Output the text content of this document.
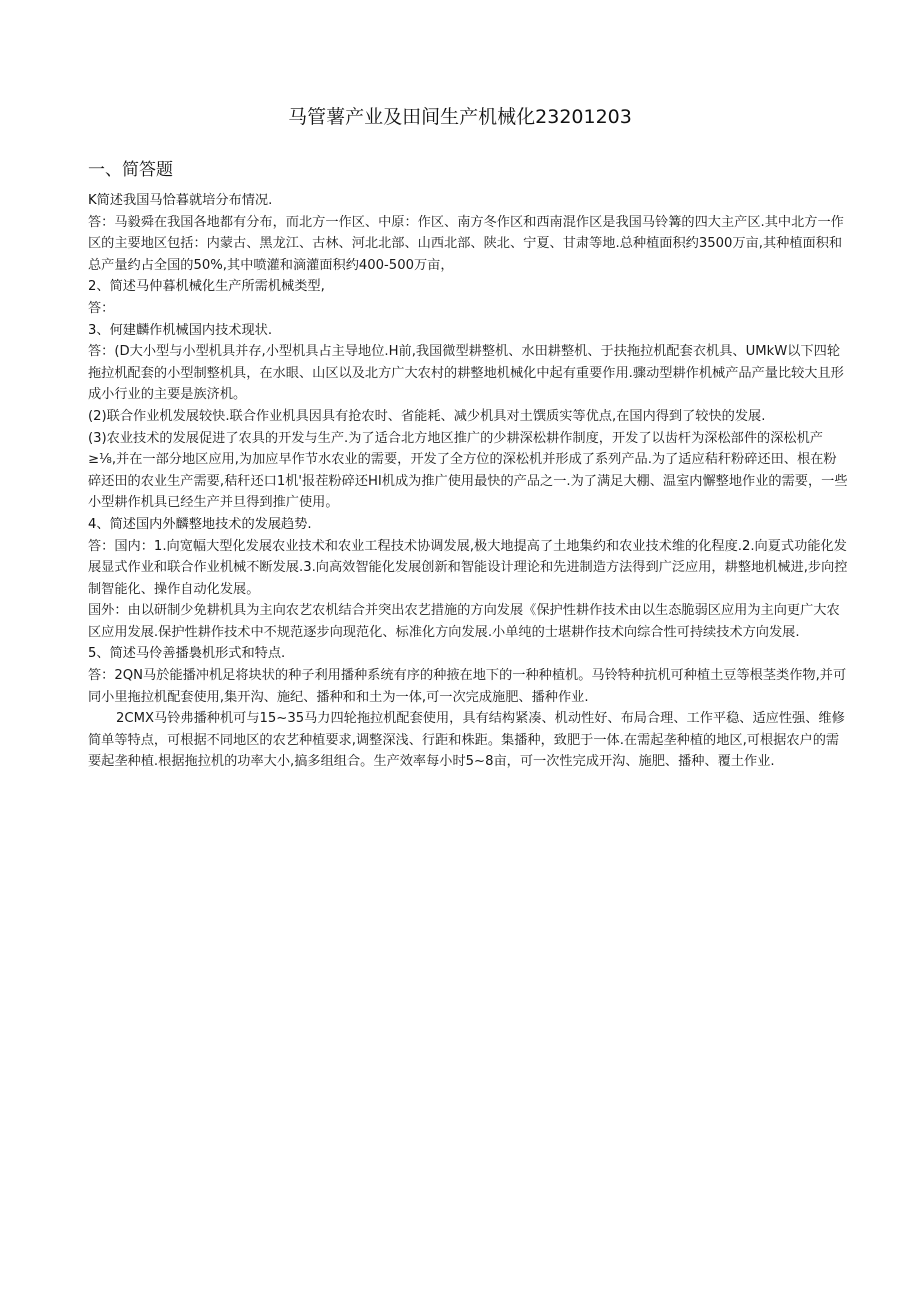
马管薯产业及田间生产机械化23201203
一、简答题

K简述我国马恰暮就培分布情况.

答：马毅舜在我国各地都有分布，而北方一作区、中原：作区、南方冬作区和西南混作区是我国马铃篝的四大主产区.其中北方一作区的主要地区包括：内蒙古、黑龙江、古林、河北北部、山西北部、陕北、宁夏、甘肃等地.总种植面积约3500万亩,其种植面积和总产量约占全国的50%,其中喷灌和滴灌面积约400-500万亩，

2、简述马仲暮机械化生产所需机械类型,

答：

3、何建麟作机械国内技术现状.

答：(D大小型与小型机具并存,小型机具占主导地位.H前,我国微型耕整机、水田耕整机、于扶拖拉机配套衣机具、UMkW以下四轮拖拉机配套的小型制整机具，在水眼、山区以及北方广大农村的耕整地机械化中起有重要作用.骤动型耕作机械产品产量比较大且形成小行业的主要是族济机。

(2)联合作业机发展较快.联合作业机具因具有抢农时、省能耗、减少机具对土馔质实等优点,在国内得到了较快的发展.

(3)农业技术的发展促进了农具的开发与生产.为了适合北方地区推广的少耕深松耕作制度，开发了以齿杆为深松部件的深松机产≥⅛,并在一部分地区应用,为加应早作节水农业的需要，开发了全方位的深松机并形成了系列产品.为了适应秸秆粉碎还田、根在粉碎还田的农业生产需要,秸秆还口1机'报茬粉碎还HI机成为推广使用最快的产品之一.为了满足大棚、温室内懈整地作业的需要，一些小型耕作机具已经生产并旦得到推广使用。

4、简述国内外麟整地技术的发展趋势.

答：国内：1.向宽幅大型化发展农业技术和农业工程技术协调发展,极大地提高了土地集约和农业技术维的化程度.2.向夏式功能化发展显式作业和联合作业机械不断发展.3.向高效智能化发展创新和智能设计理论和先进制造方法得到广泛应用，耕整地机械进,步向控制智能化、操作自动化发展。

国外：由以研制少免耕机具为主向农艺农机结合并突出农艺措施的方向发展《保护性耕作技术由以生态脆弱区应用为主向更广大农区应用发展.保护性耕作技术中不规范逐步向现范化、标准化方向发展.小单纯的士堪耕作技术向综合性可持续技术方向发展.

5、简述马伶善播裊机形式和特点.

答：2QN马於能播冲机足将块状的种子利用播种系统有序的种掖在地下的一种种植机。马铃特种抗机可种植土豆等根茎类作物,并可同小里拖拉机配套使用,集开沟、施纪、播种和和土为一体,可一次完成施肥、播种作业.

2CMX马铃弗播种机可与15~35马力四轮拖拉机配套使用，具有结构紧凑、机动性好、布局合理、工作平稳、适应性强、维修简单等特点，可根据不同地区的农艺种植要求,调整深浅、行距和株距。集播种，致肥于一体.在需起垄种植的地区,可根据农户的需要起垄种植.根据拖拉机的功率大小,搞多组组合。生产效率每小时5~8亩，可一次性完成开沟、施肥、播种、覆土作业.
